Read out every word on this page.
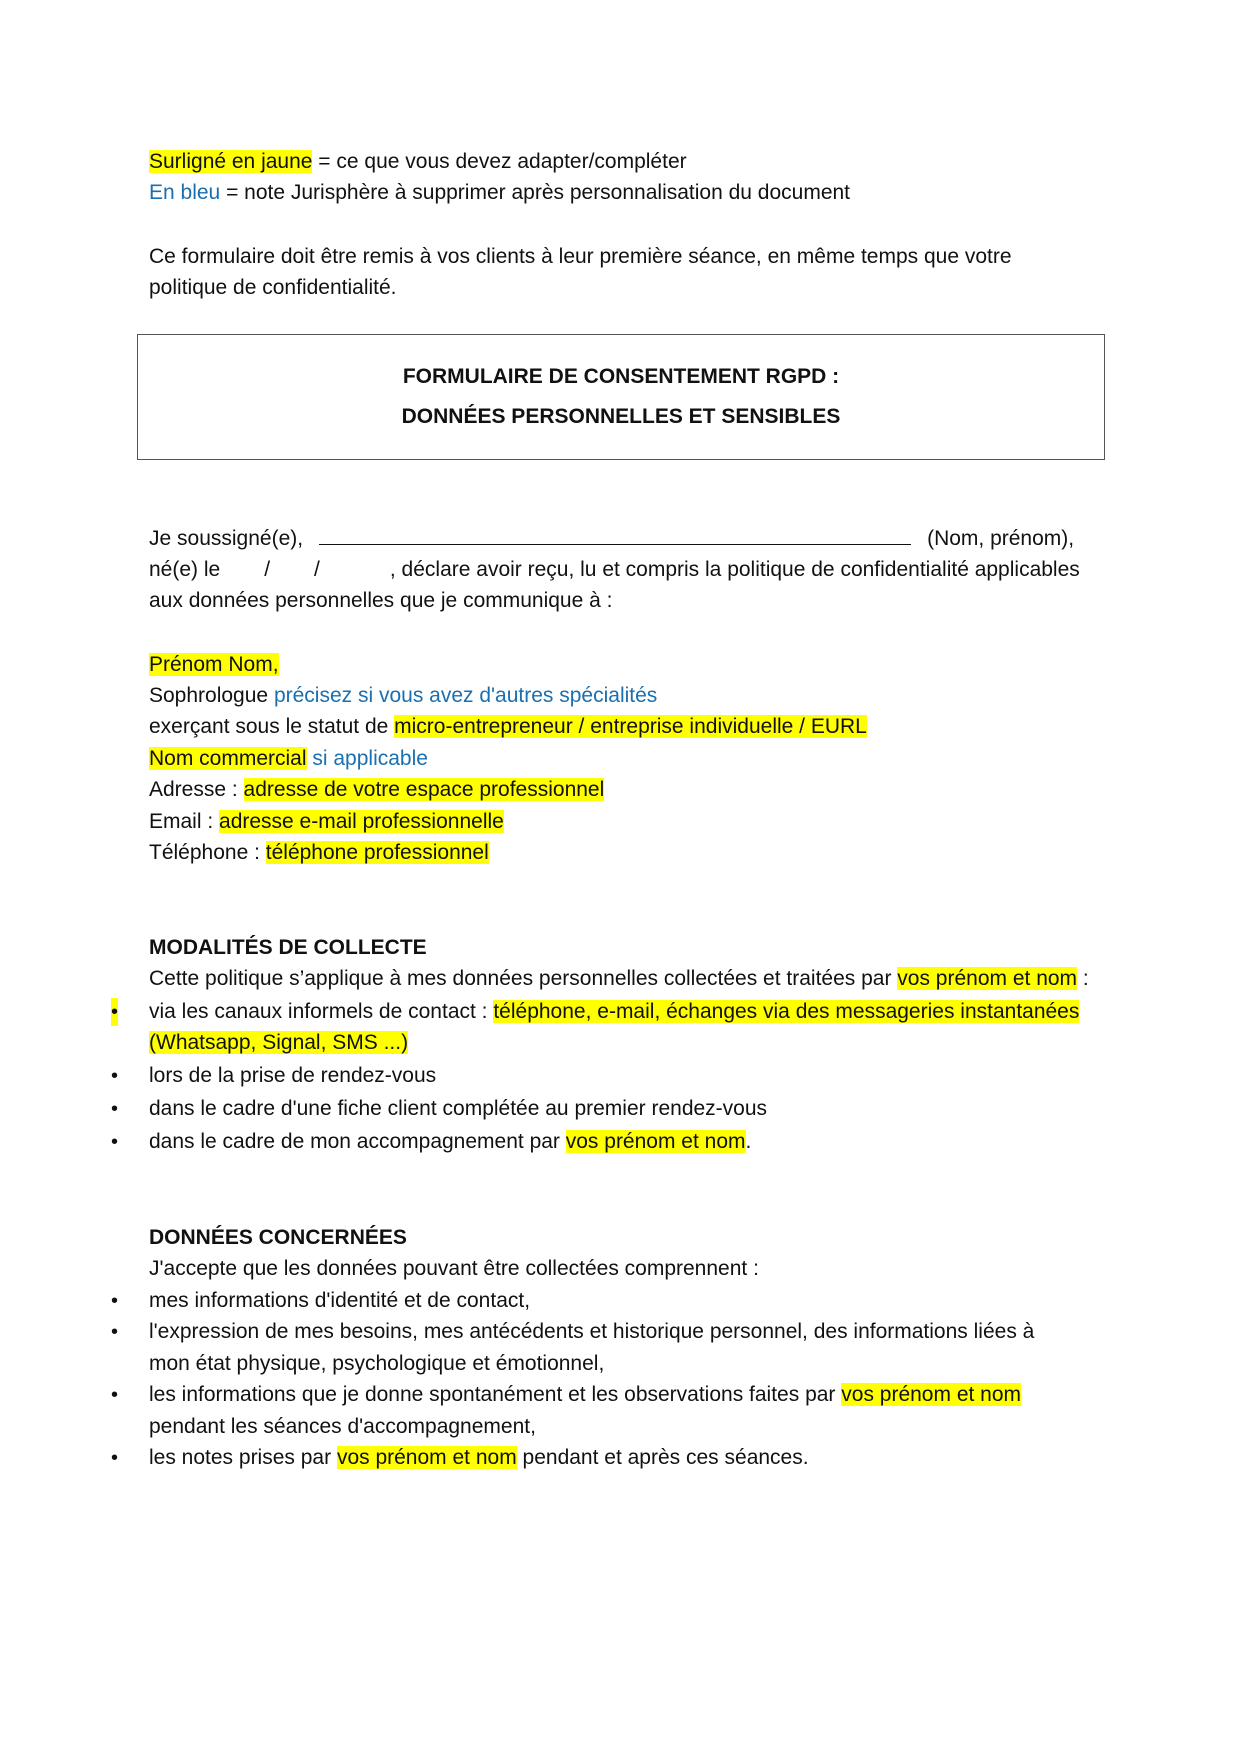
Surligné en jaune = ce que vous devez adapter/compléter
En bleu = note Jurisphère à supprimer après personnalisation du document
Ce formulaire doit être remis à vos clients à leur première séance, en même temps que votre
politique de confidentialité.
FORMULAIRE DE CONSENTEMENT RGPD :
DONNÉES PERSONNELLES ET SENSIBLES
Je soussigné(e),	(Nom, prénom),
né(e) le / /	, déclare avoir reçu, lu et compris la politique de confidentialité applicables
aux données personnelles que je communique à :
Prénom Nom,
Sophrologue précisez si vous avez d'autres spécialités
exerçant sous le statut de micro-entrepreneur / entreprise individuelle / EURL
Nom commercial si applicable
Adresse : adresse de votre espace professionnel
Email : adresse e-mail professionnelle
Téléphone : téléphone professionnel
MODALITÉS DE COLLECTE
Cette politique s’applique à mes données personnelles collectées et traitées par vos prénom et nom :
• via les canaux informels de contact : téléphone, e-mail, échanges via des messageries instantanées
(Whatsapp, Signal, SMS ...)
• lors de la prise de rendez-vous
• dans le cadre d'une fiche client complétée au premier rendez-vous
• dans le cadre de mon accompagnement par vos prénom et nom.
DONNÉES CONCERNÉES
J'accepte que les données pouvant être collectées comprennent :
• mes informations d'identité et de contact,
• l'expression de mes besoins, mes antécédents et historique personnel, des informations liées à
mon état physique, psychologique et émotionnel,
• les informations que je donne spontanément et les observations faites par vos prénom et nom
pendant les séances d'accompagnement,
• les notes prises par vos prénom et nom pendant et après ces séances.
